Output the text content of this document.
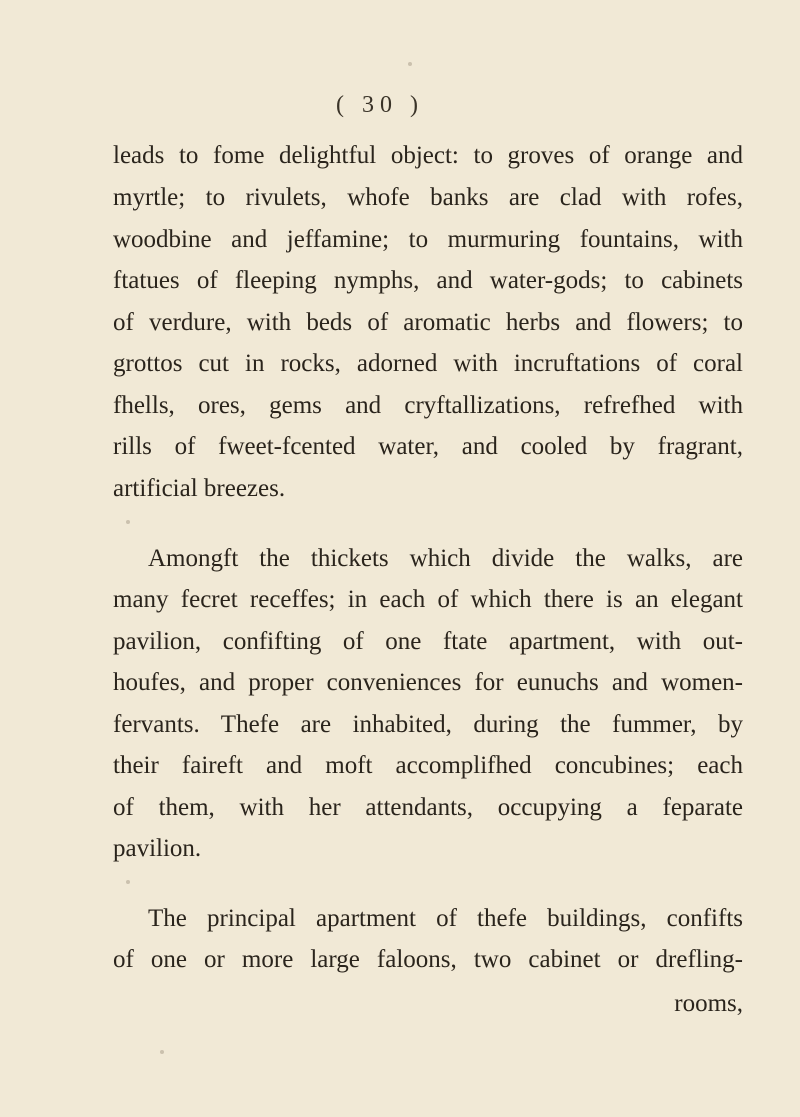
( 30 )
leads to fome delightful object: to groves of orange and
myrtle; to rivulets, whofe banks are clad with rofes,
woodbine and jeffamine; to murmuring fountains, with
ftatues of fleeping nymphs, and water-gods; to cabinets
of verdure, with beds of aromatic herbs and flowers; to
grottos cut in rocks, adorned with incruftations of coral
fhells, ores, gems and cryftallizations, refrefhed with
rills of fweet-fcented water, and cooled by fragrant,
artificial breezes.
Amongft the thickets which divide the walks, are
many fecret receffes; in each of which there is an elegant
pavilion, confifting of one ftate apartment, with out-
houfes, and proper conveniences for eunuchs and women-
fervants. Thefe are inhabited, during the fummer, by
their faireft and moft accomplifhed concubines; each
of them, with her attendants, occupying a feparate
pavilion.
The principal apartment of thefe buildings, confifts
of one or more large faloons, two cabinet or drefling-
rooms,
